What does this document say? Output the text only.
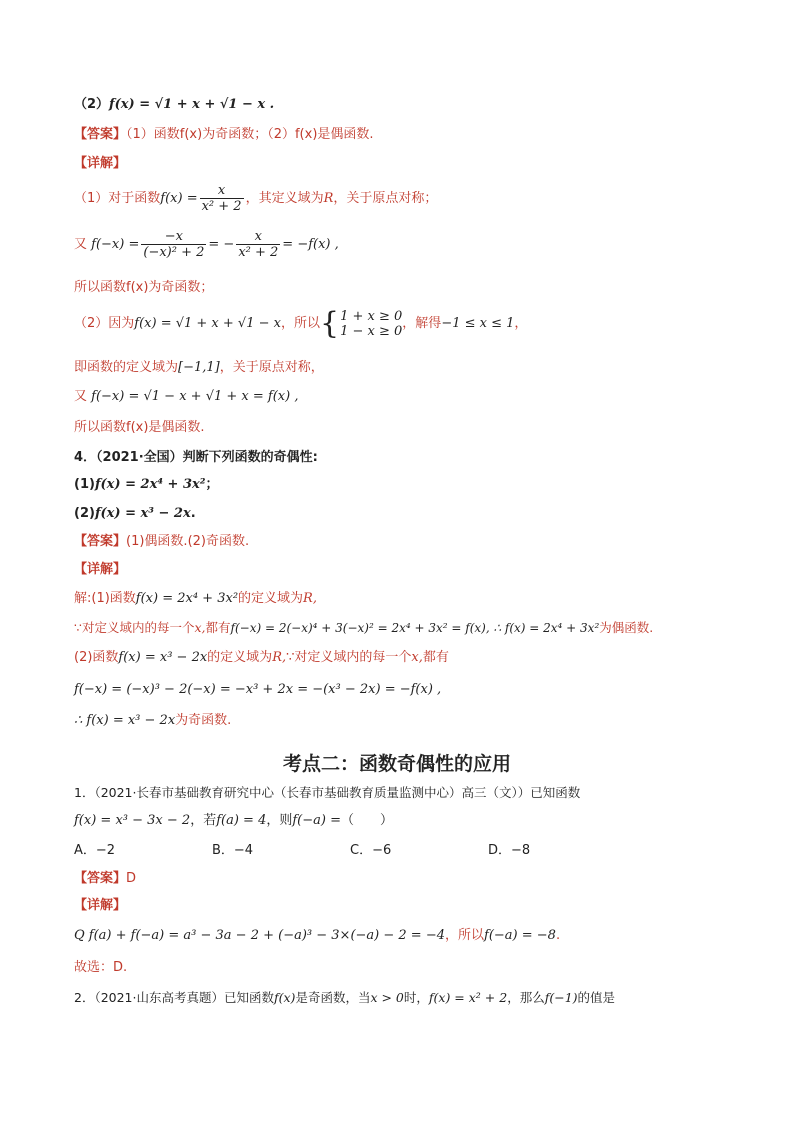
（2）f(x) = √1 + x + √1 − x .
【答案】（1）函数f(x)为奇函数；（2）f(x)是偶函数.
【详解】
（1）对于函数$f(x) = \frac{x}{\text{x² + 2}}$ ，其定义域为R，关于原点对称；
又 $f(-x) = \frac{-x}{\text{(−x)² + 2}}$ = − $\frac{x}{\text{x² + 2}} = -f(x)$ ,
所以函数f(x)为奇函数；
（2）因为f(x) = √1 + x + √1 − x，所以{ 1 + x ≥ 0
1 − x ≥ 0 ，解得−1 ≤ x ≤ 1，
即函数的定义域为[−1,1]，关于原点对称，
又 f(−x) = √1 − x + √1 + x = f(x) ,
所以函数f(x)是偶函数.
4．（2021·全国）判断下列函数的奇偶性:
(1)f(x) = 2x⁴ + 3x²；
(2)f(x) = x³ − 2x.
【答案】(1)偶函数.(2)奇函数.
【详解】
解:(1)函数f(x) = 2x⁴ + 3x²的定义域为R,
∵对定义域内的每一个x,都有f(−x) = 2(−x)⁴ + 3(−x)² = 2x⁴ + 3x² = f(x), ∴ f(x) = 2x⁴ + 3x²为偶函数.
(2)函数f(x) = x³ − 2x的定义域为R,∵对定义域内的每一个x,都有
f(−x) = (−x)³ − 2(−x) = −x³ + 2x = −(x³ − 2x) = −f(x) ,
∴ f(x) = x³ − 2x为奇函数.
考点二：函数奇偶性的应用
1．（2021·长春市基础教育研究中心（长春市基础教育质量监测中心）高三（文））已知函数
f(x) = x³ − 3x − 2，若f(a) = 4，则f(−a) =（　　）
A．−2	B．−4	C．−6	D．−8
【答案】D
【详解】
Q f(a) + f(−a) = a³ − 3a − 2 + (−a)³ − 3×(−a) − 2 = −4，所以f(−a) = −8.
故选：D.
2．（2021·山东高考真题）已知函数f(x)是奇函数，当x > 0时，f(x) = x² + 2，那么f(−1)的值是
